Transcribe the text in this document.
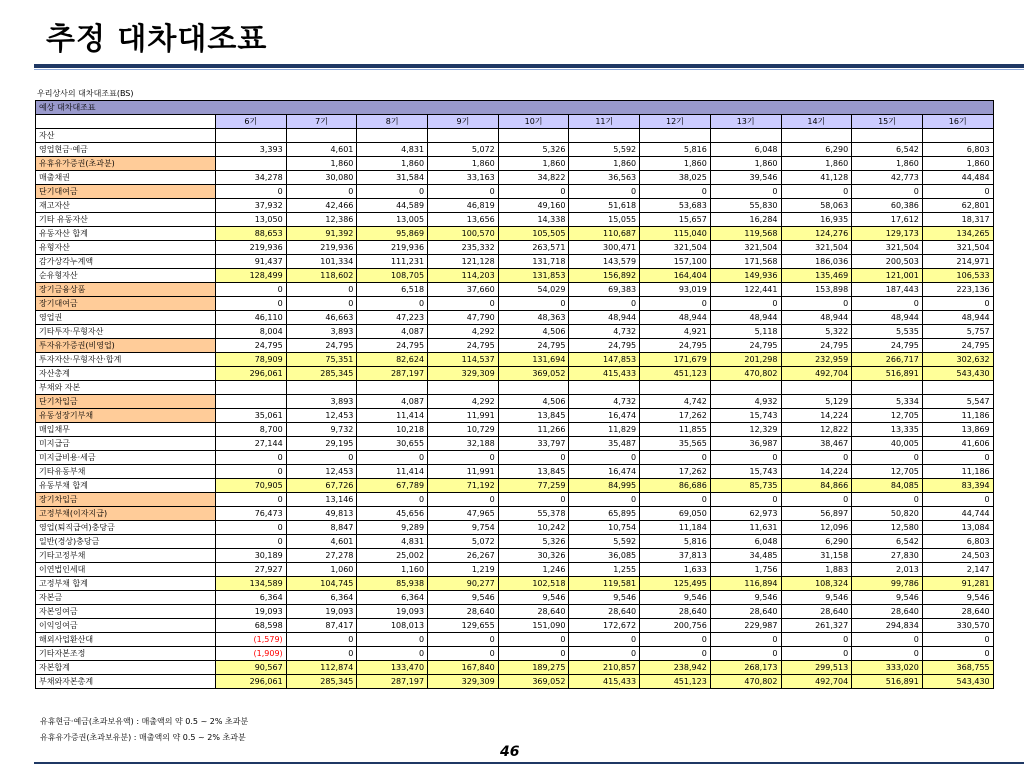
추정 대차대조표
우리상사의 대차대조표(BS)
예상 대차대조표											
	6기	7기	8기	9기	10기	11기	12기	13기	14기	15기	16기
자산											
영업현금·예금	3,393	4,601	4,831	5,072	5,326	5,592	5,816	6,048	6,290	6,542	6,803
유휴유가증권(초과분)		1,860	1,860	1,860	1,860	1,860	1,860	1,860	1,860	1,860	1,860
매출채권	34,278	30,080	31,584	33,163	34,822	36,563	38,025	39,546	41,128	42,773	44,484
단기대여금	0	0	0	0	0	0	0	0	0	0	0
재고자산	37,932	42,466	44,589	46,819	49,160	51,618	53,683	55,830	58,063	60,386	62,801
기타 유동자산	13,050	12,386	13,005	13,656	14,338	15,055	15,657	16,284	16,935	17,612	18,317
유동자산 합계	88,653	91,392	95,869	100,570	105,505	110,687	115,040	119,568	124,276	129,173	134,265
유형자산	219,936	219,936	219,936	235,332	263,571	300,471	321,504	321,504	321,504	321,504	321,504
감가상각누계액	91,437	101,334	111,231	121,128	131,718	143,579	157,100	171,568	186,036	200,503	214,971
순유형자산	128,499	118,602	108,705	114,203	131,853	156,892	164,404	149,936	135,469	121,001	106,533
장기금융상품	0	0	6,518	37,660	54,029	69,383	93,019	122,441	153,898	187,443	223,136
장기대여금	0	0	0	0	0	0	0	0	0	0	0
영업권	46,110	46,663	47,223	47,790	48,363	48,944	48,944	48,944	48,944	48,944	48,944
기타투자·무형자산	8,004	3,893	4,087	4,292	4,506	4,732	4,921	5,118	5,322	5,535	5,757
투자유가증권(비영업)	24,795	24,795	24,795	24,795	24,795	24,795	24,795	24,795	24,795	24,795	24,795
투자자산·무형자산·합계	78,909	75,351	82,624	114,537	131,694	147,853	171,679	201,298	232,959	266,717	302,632
자산총계	296,061	285,345	287,197	329,309	369,052	415,433	451,123	470,802	492,704	516,891	543,430
부채와 자본											
단기차입금		3,893	4,087	4,292	4,506	4,732	4,742	4,932	5,129	5,334	5,547
유동성장기부채	35,061	12,453	11,414	11,991	13,845	16,474	17,262	15,743	14,224	12,705	11,186
매입채무	8,700	9,732	10,218	10,729	11,266	11,829	11,855	12,329	12,822	13,335	13,869
미지급금	27,144	29,195	30,655	32,188	33,797	35,487	35,565	36,987	38,467	40,005	41,606
미지급비용·세금	0	0	0	0	0	0	0	0	0	0	0
기타유동부채	0	12,453	11,414	11,991	13,845	16,474	17,262	15,743	14,224	12,705	11,186
유동부채 합계	70,905	67,726	67,789	71,192	77,259	84,995	86,686	85,735	84,866	84,085	83,394
장기차입금	0	13,146	0	0	0	0	0	0	0	0	0
고정부채(이자지급)	76,473	49,813	45,656	47,965	55,378	65,895	69,050	62,973	56,897	50,820	44,744
영업(퇴직급여)충당금	0	8,847	9,289	9,754	10,242	10,754	11,184	11,631	12,096	12,580	13,084
일반(경상)충당금	0	4,601	4,831	5,072	5,326	5,592	5,816	6,048	6,290	6,542	6,803
기타고정부채	30,189	27,278	25,002	26,267	30,326	36,085	37,813	34,485	31,158	27,830	24,503
이연법인세대	27,927	1,060	1,160	1,219	1,246	1,255	1,633	1,756	1,883	2,013	2,147
고정부채 합계	134,589	104,745	85,938	90,277	102,518	119,581	125,495	116,894	108,324	99,786	91,281
자본금	6,364	6,364	6,364	9,546	9,546	9,546	9,546	9,546	9,546	9,546	9,546
자본잉여금	19,093	19,093	19,093	28,640	28,640	28,640	28,640	28,640	28,640	28,640	28,640
이익잉여금	68,598	87,417	108,013	129,655	151,090	172,672	200,756	229,987	261,327	294,834	330,570
해외사업환산대	(1,579)	0	0	0	0	0	0	0	0	0	0
기타자본조정	(1,909)	0	0	0	0	0	0	0	0	0	0
자본합계	90,567	112,874	133,470	167,840	189,275	210,857	238,942	268,173	299,513	333,020	368,755
부채와자본총계	296,061	285,345	287,197	329,309	369,052	415,433	451,123	470,802	492,704	516,891	543,430
유휴현금·예금(초과보유액) : 매출액의 약 0.5 ~ 2% 초과분
유휴유가증권(초과보유분) : 매출액의 약 0.5 ~ 2% 초과분
46
